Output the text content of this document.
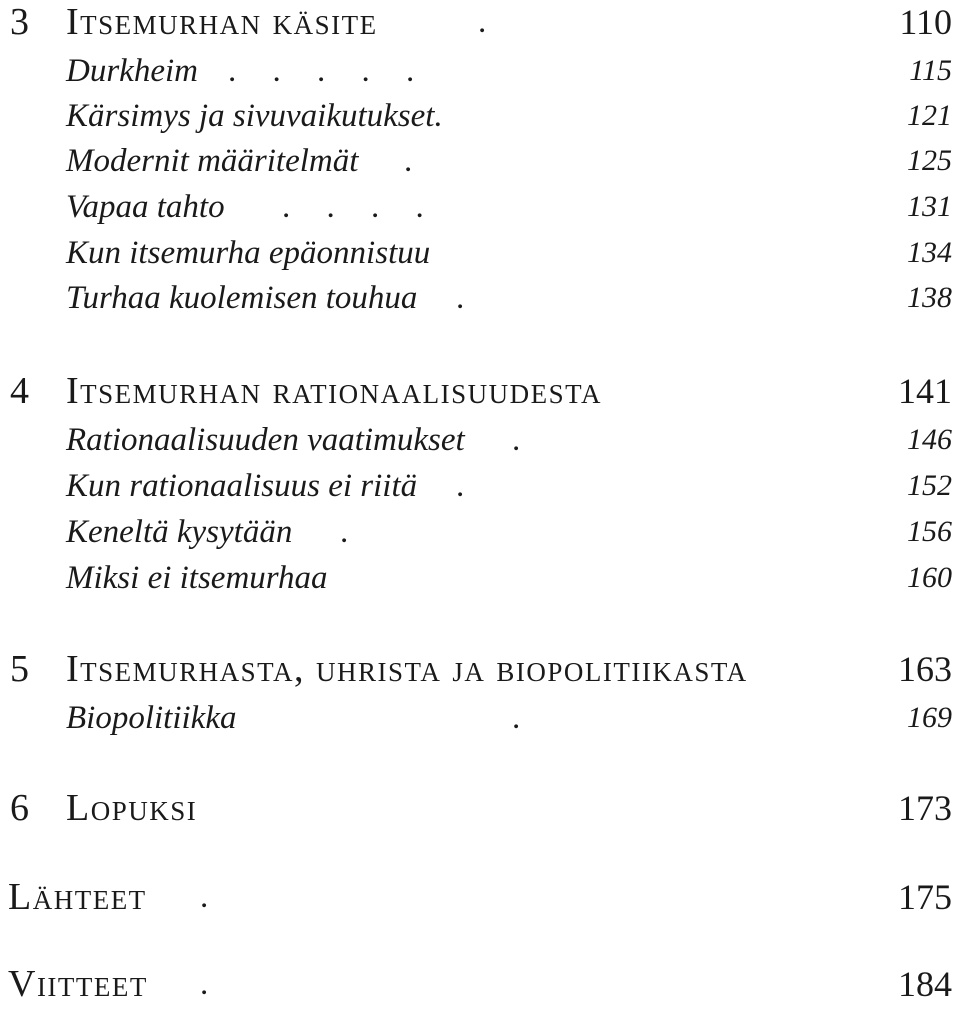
3 Itsemurhan käsite	.	110
Durkheim . . . . .	115
Kärsimys ja sivuvaikutukset.	121
Modernit määritelmät .	125
Vapaa tahto . . . .	131
Kun itsemurha epäonnistuu	134
Turhaa kuolemisen touhua .	138
4 Itsemurhan rationaalisuudesta	141
Rationaalisuuden vaatimukset .	146
Kun rationaalisuus ei riitä .	152
Keneltä kysytään .	156
Miksi ei itsemurhaa	160
5 Itsemurhasta, uhrista ja biopolitiikasta	163
Biopolitiikka	.	169
6 Lopuksi	173
Lähteet .	175
Viitteet .	184
